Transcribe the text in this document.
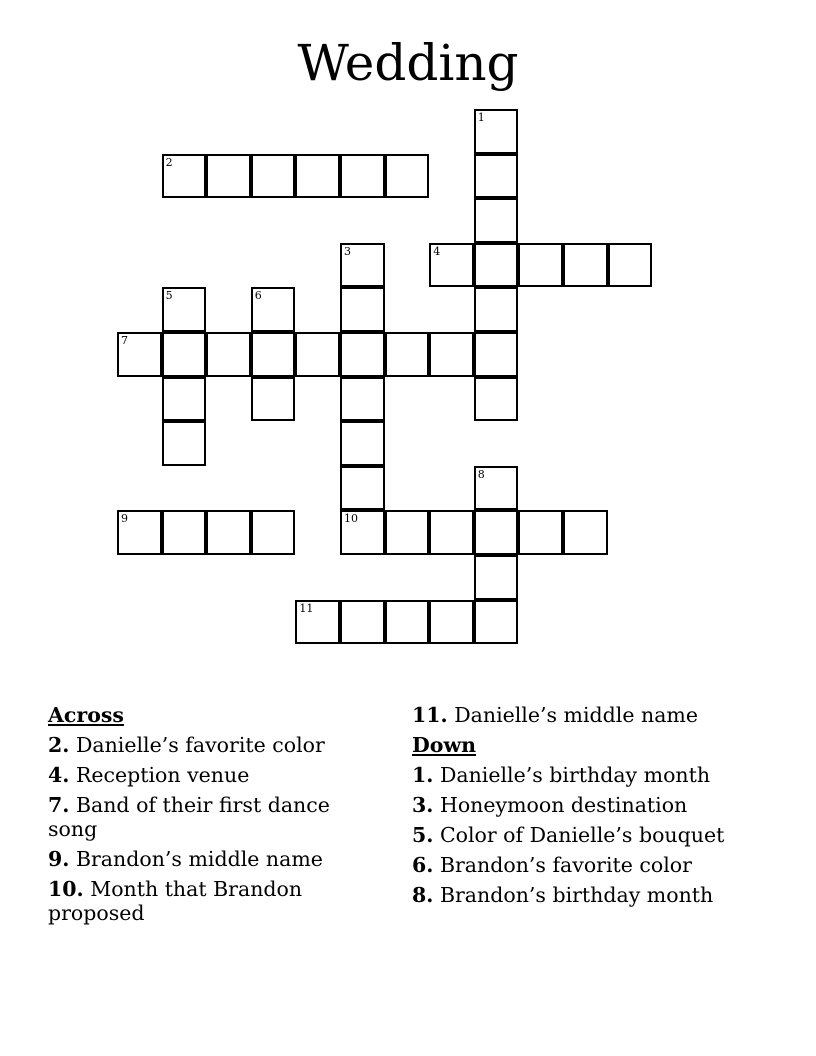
Wedding
1
2
3	4
5	6
7
8
9	10
11
Across
2. Danielle’s favorite color
4. Reception venue
7. Band of their first dance song
9. Brandon’s middle name
10. Month that Brandon proposed
11. Danielle’s middle name
Down
1. Danielle’s birthday month
3. Honeymoon destination
5. Color of Danielle’s bouquet
6. Brandon’s favorite color
8. Brandon’s birthday month
